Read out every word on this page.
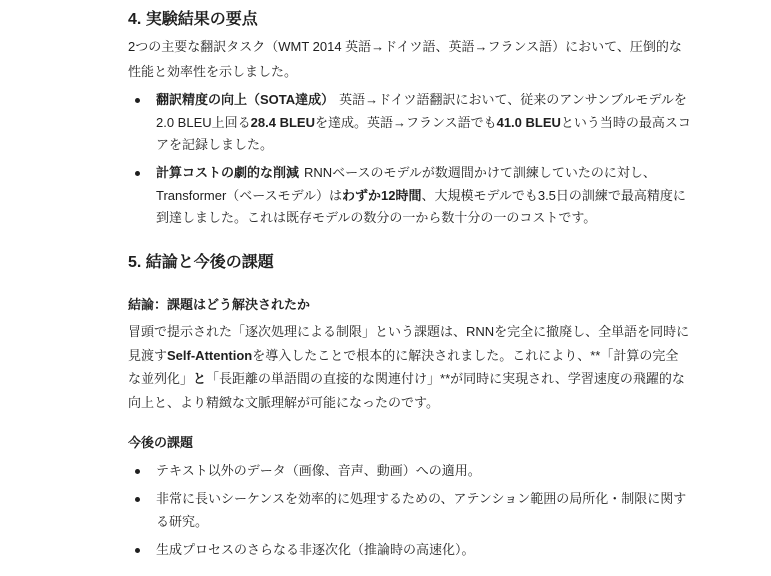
4. 実験結果の要点
2つの主要な翻訳タスク（WMT 2014 英語→ドイツ語、英語→フランス語）において、圧倒的な
性能と効率性を示しました。
翻訳精度の向上（SOTA達成） 英語→ドイツ語翻訳において、従来のアンサンブルモデルを
2.0 BLEU上回る28.4 BLEUを達成。英語→フランス語でも41.0 BLEUという当時の最高スコ
アを記録しました。
計算コストの劇的な削減 RNNベースのモデルが数週間かけて訓練していたのに対し、
Transformer（ベースモデル）はわずか12時間、大規模モデルでも3.5日の訓練で最高精度に
到達しました。これは既存モデルの数分の一から数十分の一のコストです。
5. 結論と今後の課題
結論：課題はどう解決されたか
冒頭で提示された「逐次処理による制限」という課題は、RNNを完全に撤廃し、全単語を同時に
見渡すSelf-Attentionを導入したことで根本的に解決されました。これにより、**「計算の完全
な並列化」と「長距離の単語間の直接的な関連付け」**が同時に実現され、学習速度の飛躍的な
向上と、より精緻な文脈理解が可能になったのです。
今後の課題
テキスト以外のデータ（画像、音声、動画）への適用。
非常に長いシーケンスを効率的に処理するための、アテンション範囲の局所化・制限に関す
る研究。
生成プロセスのさらなる非逐次化（推論時の高速化）。
